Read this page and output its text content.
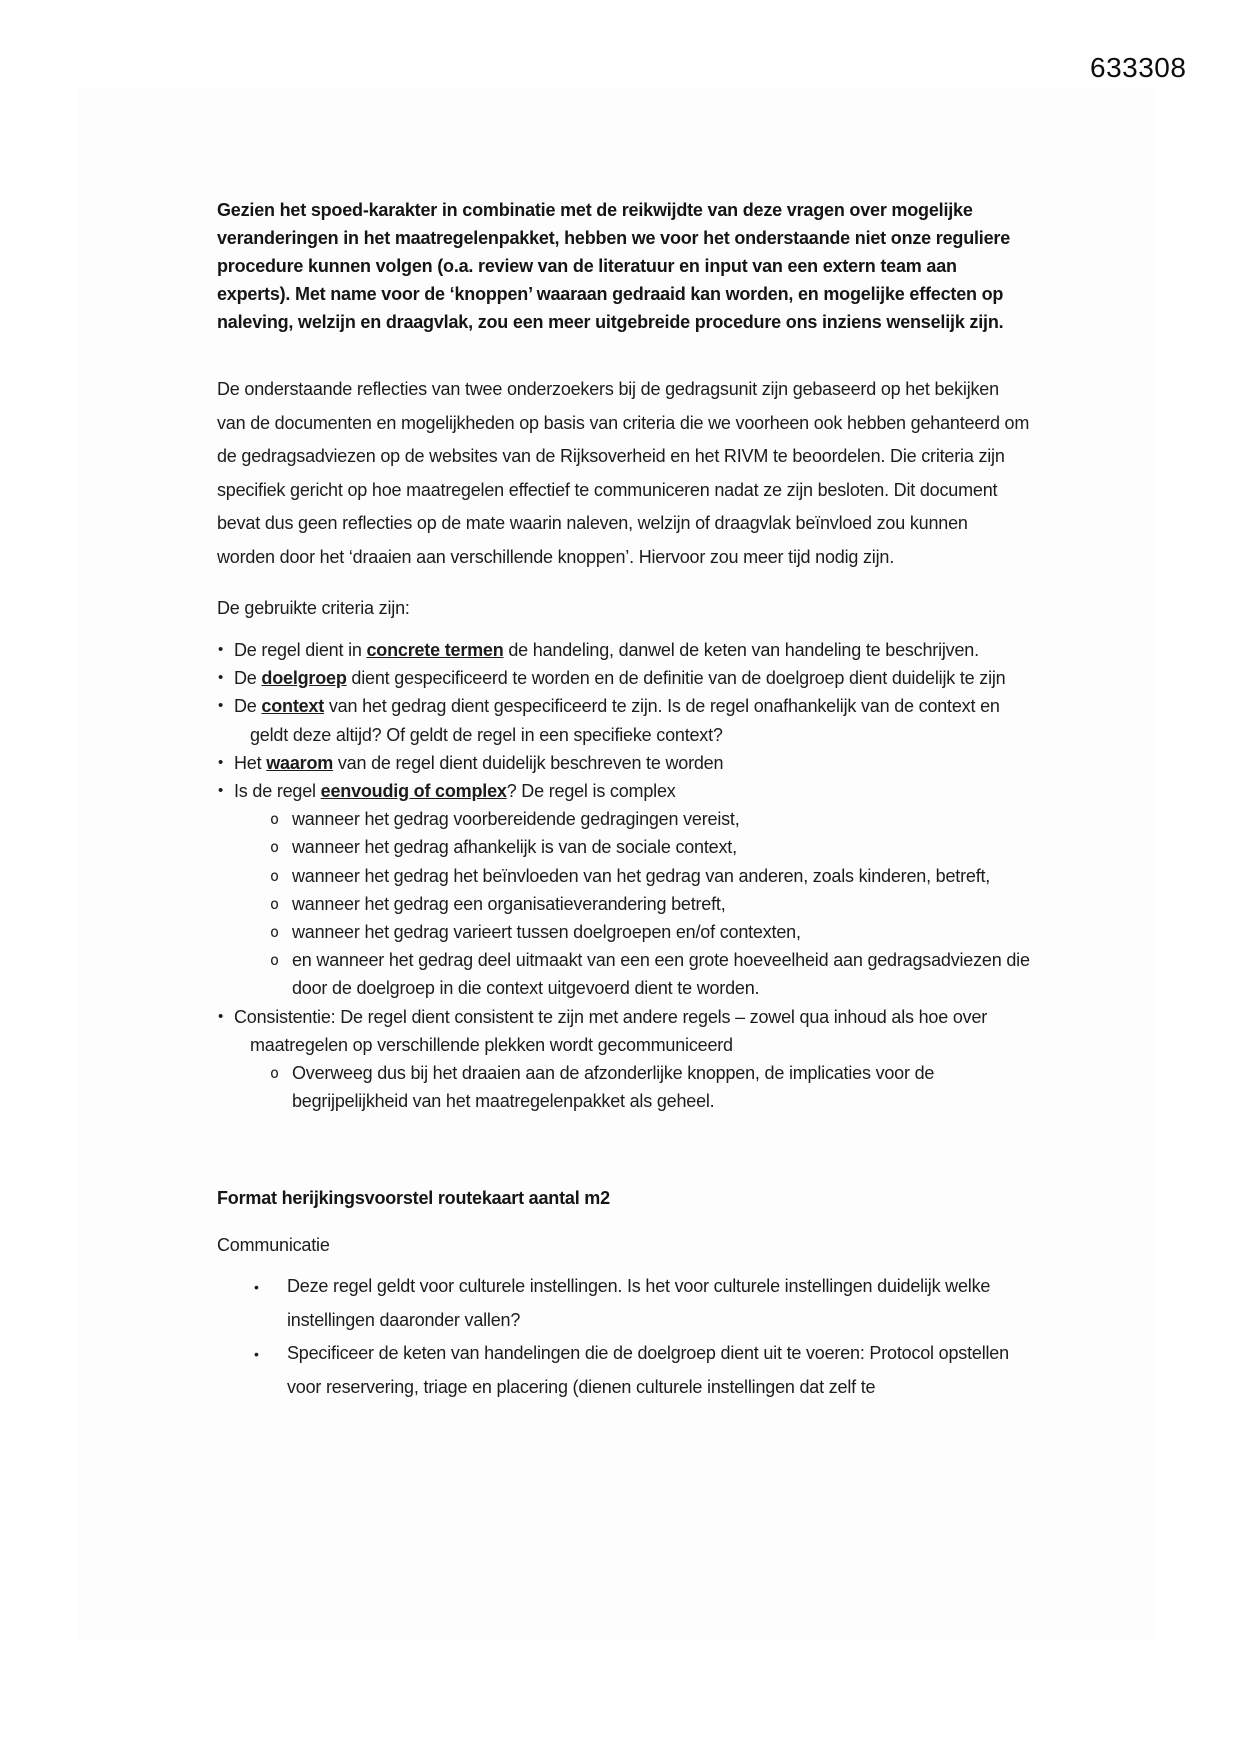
633308

Gezien het spoed-karakter in combinatie met de reikwijdte van deze vragen over mogelijke veranderingen in het maatregelenpakket, hebben we voor het onderstaande niet onze reguliere procedure kunnen volgen (o.a. review van de literatuur en input van een extern team aan experts). Met name voor de ‘knoppen’ waaraan gedraaid kan worden, en mogelijke effecten op naleving, welzijn en draagvlak, zou een meer uitgebreide procedure ons inziens wenselijk zijn.

De onderstaande reflecties van twee onderzoekers bij de gedragsunit zijn gebaseerd op het bekijken van de documenten en mogelijkheden op basis van criteria die we voorheen ook hebben gehanteerd om de gedragsadviezen op de websites van de Rijksoverheid en het RIVM te beoordelen. Die criteria zijn specifiek gericht op hoe maatregelen effectief te communiceren nadat ze zijn besloten. Dit document bevat dus geen reflecties op de mate waarin naleven, welzijn of draagvlak beïnvloed zou kunnen worden door het ‘draaien aan verschillende knoppen’. Hiervoor zou meer tijd nodig zijn.

De gebruikte criteria zijn:

• De regel dient in concrete termen de handeling, danwel de keten van handeling te beschrijven.
• De doelgroep dient gespecificeerd te worden en de definitie van de doelgroep dient duidelijk te zijn
• De context van het gedrag dient gespecificeerd te zijn. Is de regel onafhankelijk van de context en geldt deze altijd? Of geldt de regel in een specifieke context?
• Het waarom van de regel dient duidelijk beschreven te worden
• Is de regel eenvoudig of complex? De regel is complex
o wanneer het gedrag voorbereidende gedragingen vereist,
o wanneer het gedrag afhankelijk is van de sociale context,
o wanneer het gedrag het beïnvloeden van het gedrag van anderen, zoals kinderen, betreft,
o wanneer het gedrag een organisatieverandering betreft,
o wanneer het gedrag varieert tussen doelgroepen en/of contexten,
o en wanneer het gedrag deel uitmaakt van een een grote hoeveelheid aan gedragsadviezen die door de doelgroep in die context uitgevoerd dient te worden.
• Consistentie: De regel dient consistent te zijn met andere regels – zowel qua inhoud als hoe over maatregelen op verschillende plekken wordt gecommuniceerd
o Overweeg dus bij het draaien aan de afzonderlijke knoppen, de implicaties voor de begrijpelijkheid van het maatregelenpakket als geheel.

Format herijkingsvoorstel routekaart aantal m2

Communicatie

• Deze regel geldt voor culturele instellingen. Is het voor culturele instellingen duidelijk welke instellingen daaronder vallen?
• Specificeer de keten van handelingen die de doelgroep dient uit te voeren: Protocol opstellen voor reservering, triage en placering (dienen culturele instellingen dat zelf te
